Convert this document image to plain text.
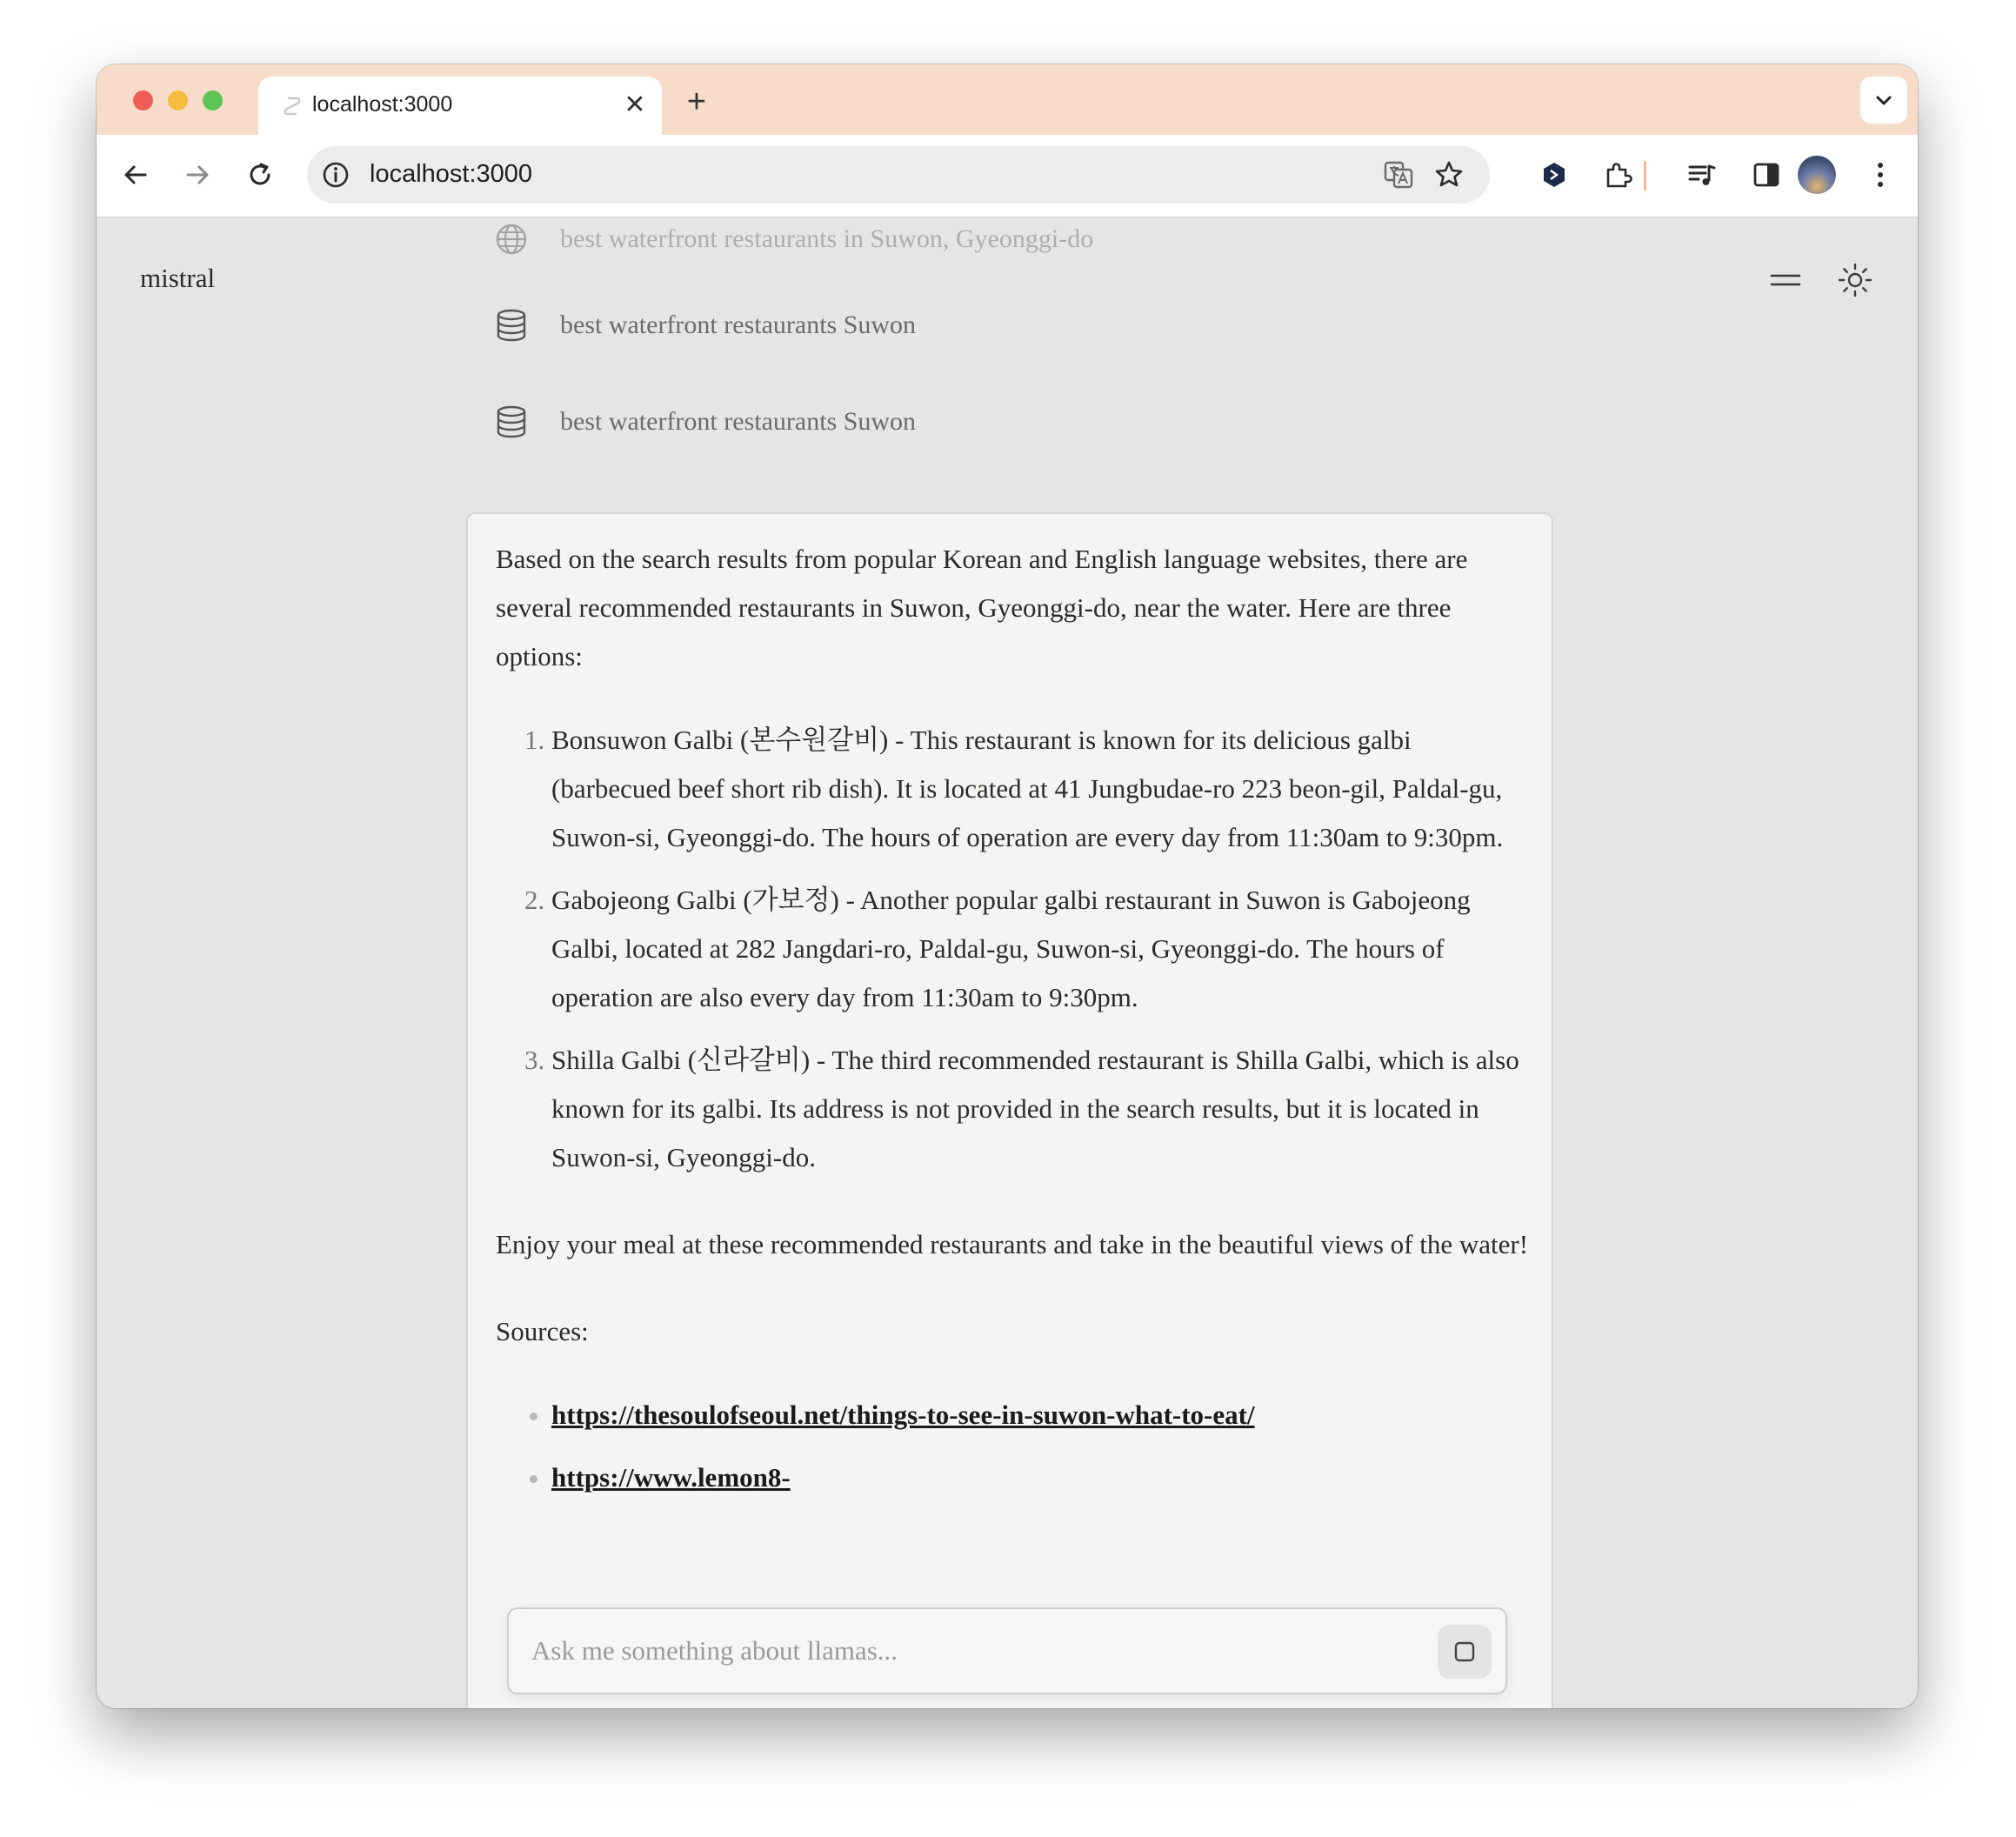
localhost:3000	✕ +
localhost:3000
mistral
best waterfront restaurants in Suwon, Gyeonggi-do
best waterfront restaurants Suwon
best waterfront restaurants Suwon

Based on the search results from popular Korean and English language websites, there are several recommended restaurants in Suwon, Gyeonggi-do, near the water. Here are three options:

1. Bonsuwon Galbi (본수원갈비) - This restaurant is known for its delicious galbi (barbecued beef short rib dish). It is located at 41 Jungbudae-ro 223 beon-gil, Paldal-gu, Suwon-si, Gyeonggi-do. The hours of operation are every day from 11:30am to 9:30pm.
2. Gabojeong Galbi (가보정) - Another popular galbi restaurant in Suwon is Gabojeong Galbi, located at 282 Jangdari-ro, Paldal-gu, Suwon-si, Gyeonggi-do. The hours of operation are also every day from 11:30am to 9:30pm.
3. Shilla Galbi (신라갈비) - The third recommended restaurant is Shilla Galbi, which is also known for its galbi. Its address is not provided in the search results, but it is located in Suwon-si, Gyeonggi-do.

Enjoy your meal at these recommended restaurants and take in the beautiful views of the water!

Sources:

• https://thesoulofseoul.net/things-to-see-in-suwon-what-to-eat/
• https://www.lemon8-
Ask me something about llamas...
